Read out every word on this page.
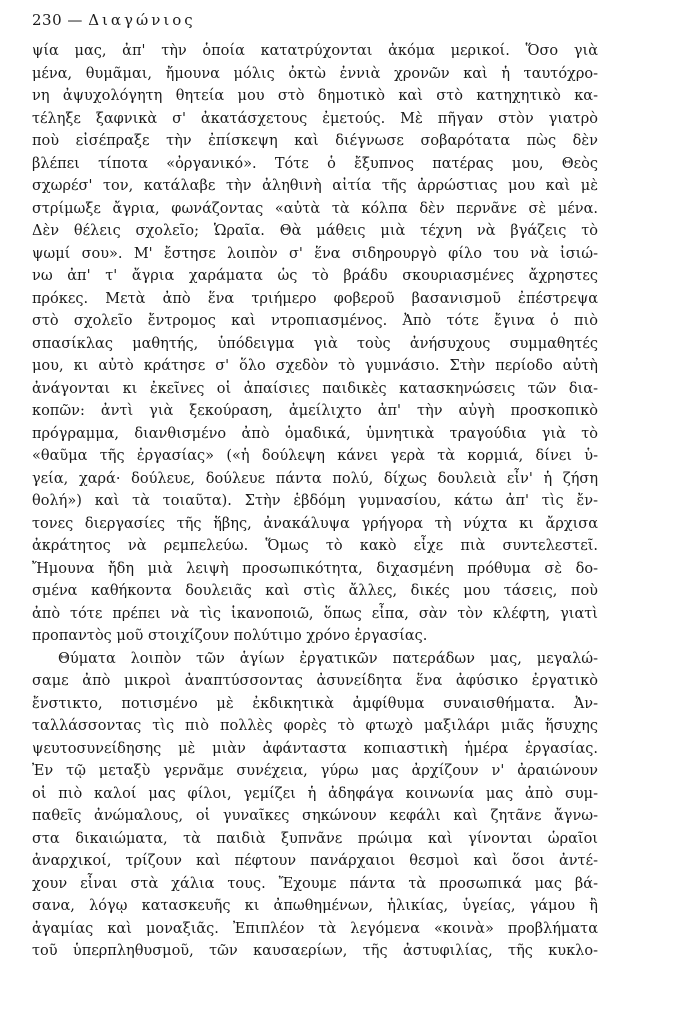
230 — Διαγώνιος
ψία μας, ἀπ' τὴν ὁποία κατατρύχονται ἀκόμα μερικοί. Ὅσο γιὰ
μένα, θυμᾶμαι, ἤμουνα μόλις ὀκτὼ ἐννιὰ χρονῶν καὶ ἡ ταυτόχρο-
νη ἀψυχολόγητη θητεία μου στὸ δημοτικὸ καὶ στὸ κατηχητικὸ κα-
τέληξε ξαφνικὰ σ' ἀκατάσχετους ἐμετούς. Μὲ πῆγαν στὸν γιατρὸ
ποὺ εἰσέπραξε τὴν ἐπίσκεψη καὶ διέγνωσε σοβαρότατα πὼς δὲν
βλέπει τίποτα «ὀργανικό». Τότε ὁ ἔξυπνος πατέρας μου, Θεὸς
σχωρέσ' τον, κατάλαβε τὴν ἀληθινὴ αἰτία τῆς ἀρρώστιας μου καὶ μὲ
στρίμωξε ἄγρια, φωνάζοντας «αὐτὰ τὰ κόλπα δὲν περνᾶνε σὲ μένα.
Δὲν θέλεις σχολεῖο; Ὡραῖα. Θὰ μάθεις μιὰ τέχνη νὰ βγάζεις τὸ
ψωμί σου». Μ' ἔστησε λοιπὸν σ' ἕνα σιδηρουργὸ φίλο του νὰ ἰσιώ-
νω ἀπ' τ' ἄγρια χαράματα ὡς τὸ βράδυ σκουριασμένες ἄχρηστες
πρόκες. Μετὰ ἀπὸ ἕνα τριήμερο φοβεροῦ βασανισμοῦ ἐπέστρεψα
στὸ σχολεῖο ἔντρομος καὶ ντροπιασμένος. Ἀπὸ τότε ἔγινα ὁ πιὸ
σπασίκλας μαθητής, ὑπόδειγμα γιὰ τοὺς ἀνήσυχους συμμαθητές
μου, κι αὐτὸ κράτησε σ' ὅλο σχεδὸν τὸ γυμνάσιο. Στὴν περίοδο αὐτὴ
ἀνάγονται κι ἐκεῖνες οἱ ἀπαίσιες παιδικὲς κατασκηνώσεις τῶν δια-
κοπῶν: ἀντὶ γιὰ ξεκούραση, ἀμείλιχτο ἀπ' τὴν αὐγὴ προσκοπικὸ
πρόγραμμα, διανθισμένο ἀπὸ ὁμαδικά, ὑμνητικὰ τραγούδια γιὰ τὸ
«θαῦμα τῆς ἐργασίας» («ἡ δούλεψη κάνει γερὰ τὰ κορμιά, δίνει ὑ-
γεία, χαρά· δούλευε, δούλευε πάντα πολύ, δίχως δουλειὰ εἶν' ἡ ζήση
θολή») καὶ τὰ τοιαῦτα). Στὴν ἑβδόμη γυμνασίου, κάτω ἀπ' τὶς ἔν-
τονες διεργασίες τῆς ἥβης, ἀνακάλυψα γρήγορα τὴ νύχτα κι ἄρχισα
ἀκράτητος νὰ ρεμπελεύω. Ὅμως τὸ κακὸ εἶχε πιὰ συντελεστεῖ.
Ἤμουνα ἤδη μιὰ λειψὴ προσωπικότητα, διχασμένη πρόθυμα σὲ δο-
σμένα καθήκοντα δουλειᾶς καὶ στὶς ἄλλες, δικές μου τάσεις, ποὺ
ἀπὸ τότε πρέπει νὰ τὶς ἱκανοποιῶ, ὅπως εἶπα, σὰν τὸν κλέφτη, γιατὶ
προπαντὸς μοῦ στοιχίζουν πολύτιμο χρόνο ἐργασίας.
Θύματα λοιπὸν τῶν ἁγίων ἐργατικῶν πατεράδων μας, μεγαλώ-
σαμε ἀπὸ μικροὶ ἀναπτύσσοντας ἀσυνείδητα ἕνα ἀφύσικο ἐργατικὸ
ἔνστικτο, ποτισμένο μὲ ἐκδικητικὰ ἀμφίθυμα συναισθήματα. Ἀν-
ταλλάσσοντας τὶς πιὸ πολλὲς φορὲς τὸ φτωχὸ μαξιλάρι μιᾶς ἥσυχης
ψευτοσυνείδησης μὲ μιὰν ἀφάνταστα κοπιαστικὴ ἡμέρα ἐργασίας.
Ἐν τῷ μεταξὺ γερνᾶμε συνέχεια, γύρω μας ἀρχίζουν ν' ἀραιώνουν
οἱ πιὸ καλοί μας φίλοι, γεμίζει ἡ ἀδηφάγα κοινωνία μας ἀπὸ συμ-
παθεῖς ἀνώμαλους, οἱ γυναῖκες σηκώνουν κεφάλι καὶ ζητᾶνε ἄγνω-
στα δικαιώματα, τὰ παιδιὰ ξυπνᾶνε πρώιμα καὶ γίνονται ὡραῖοι
ἀναρχικοί, τρίζουν καὶ πέφτουν πανάρχαιοι θεσμοὶ καὶ ὅσοι ἀντέ-
χουν εἶναι στὰ χάλια τους. Ἔχουμε πάντα τὰ προσωπικά μας βά-
σανα, λόγῳ κατασκευῆς κι ἀπωθημένων, ἡλικίας, ὑγείας, γάμου ἢ
ἀγαμίας καὶ μοναξιᾶς. Ἐπιπλέον τὰ λεγόμενα «κοινὰ» προβλήματα
τοῦ ὑπερπληθυσμοῦ, τῶν καυσαερίων, τῆς ἀστυφιλίας, τῆς κυκλο-
